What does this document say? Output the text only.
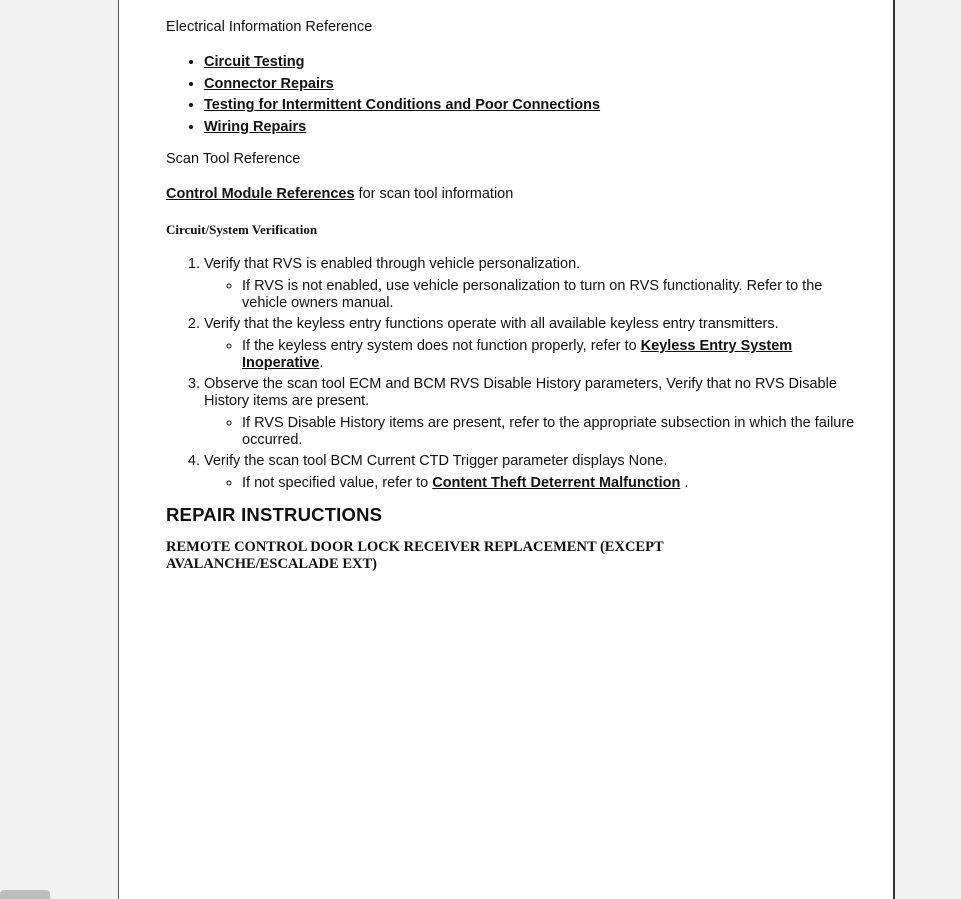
Electrical Information Reference

• Circuit Testing
• Connector Repairs
• Testing for Intermittent Conditions and Poor Connections
• Wiring Repairs

Scan Tool Reference

Control Module References for scan tool information

Circuit/System Verification

1. Verify that RVS is enabled through vehicle personalization.
◦ If RVS is not enabled, use vehicle personalization to turn on RVS functionality. Refer to the vehicle owners manual.
2. Verify that the keyless entry functions operate with all available keyless entry transmitters.
◦ If the keyless entry system does not function properly, refer to Keyless Entry System Inoperative.
3. Observe the scan tool ECM and BCM RVS Disable History parameters, Verify that no RVS Disable History items are present.
◦ If RVS Disable History items are present, refer to the appropriate subsection in which the failure occurred.
4. Verify the scan tool BCM Current CTD Trigger parameter displays None.
◦ If not specified value, refer to Content Theft Deterrent Malfunction .

REPAIR INSTRUCTIONS

REMOTE CONTROL DOOR LOCK RECEIVER REPLACEMENT (EXCEPT AVALANCHE/ESCALADE EXT)
